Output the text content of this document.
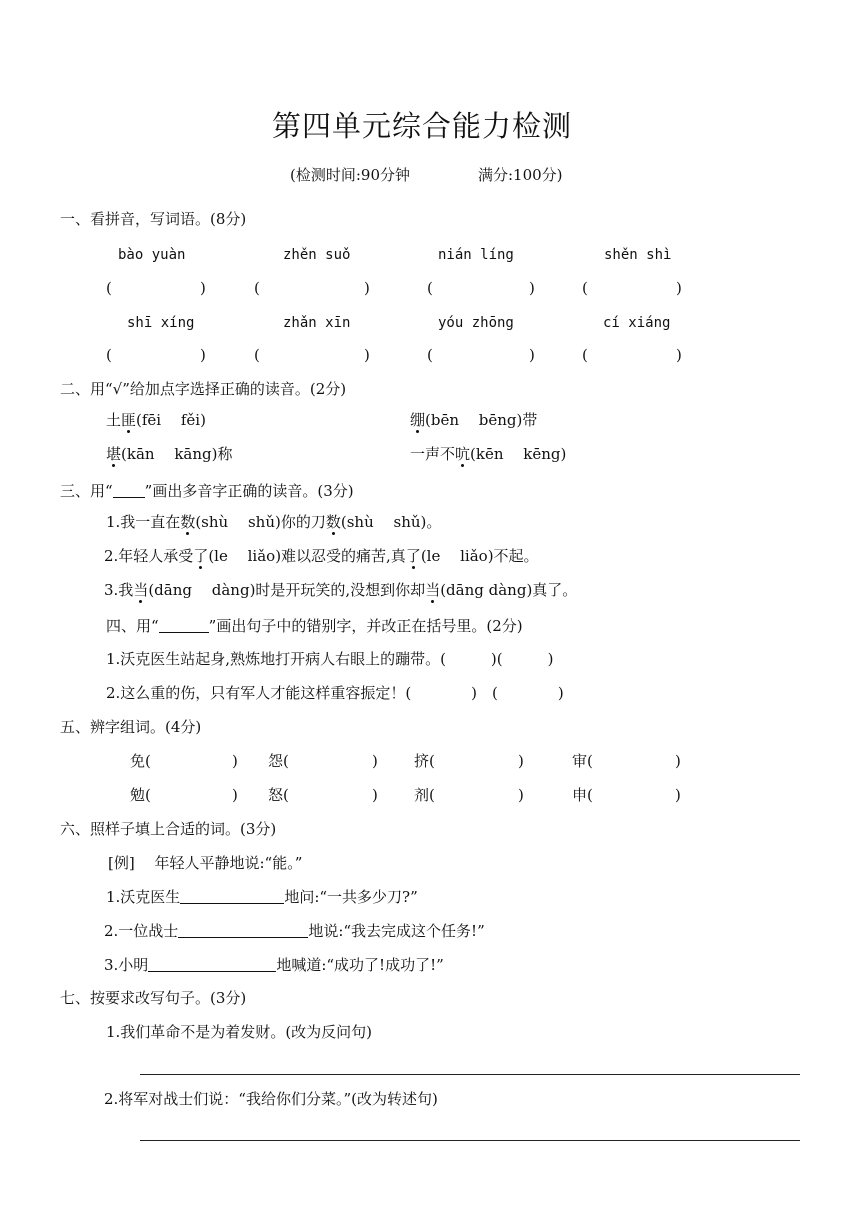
第四单元综合能力检测
(检测时间:90分钟	满分:100分)
一、看拼音，写词语。(8分)
bào yuàn	zhěn suǒ	nián líng	shěn shì
(	)	(	)	(	)	(	)
shī xíng	zhǎn xīn	yóu zhōng	cí xiáng
(	)	(	)	(	)	(	)
二、用“√”给加点字选择正确的读音。(2分)
土匪(fēi　 fěi)	绷(bēn　 bēng)带
堪(kān　 kāng)称	一声不吭(kēn　 kēng)
三、用“ ”画出多音字正确的读音。(3分)
1.我一直在数(shù　 shǔ)你的刀数(shù　 shǔ)。
2.年轻人承受了(le　 liǎo)难以忍受的痛苦,真了(le　 liǎo)不起。
3.我当(dāng　 dàng)时是开玩笑的,没想到你却当(dāng dàng)真了。
四、用“	”画出句子中的错别字，并改正在括号里。(2分)
1.沃克医生站起身,熟炼地打开病人右眼上的蹦带。(　　　)(　　　)
2.这么重的伤，只有军人才能这样重容振定！(　　　　)　(　　　　)
五、辨字组词。(4分)
免(	) 怨(	) 挤(	)	审(	)
勉(	) 怒(	) 剂(	)	申(	)
六、照样子填上合适的词。(3分)
[例]　 年轻人平静地说:“能。”
1.沃克医生	地问:“一共多少刀?”
2.一位战士	地说:“我去完成这个任务!”
3.小明	地喊道:“成功了!成功了!”
七、按要求改写句子。(3分)
1.我们革命不是为着发财。(改为反问句)
2.将军对战士们说：“我给你们分菜。”(改为转述句)
